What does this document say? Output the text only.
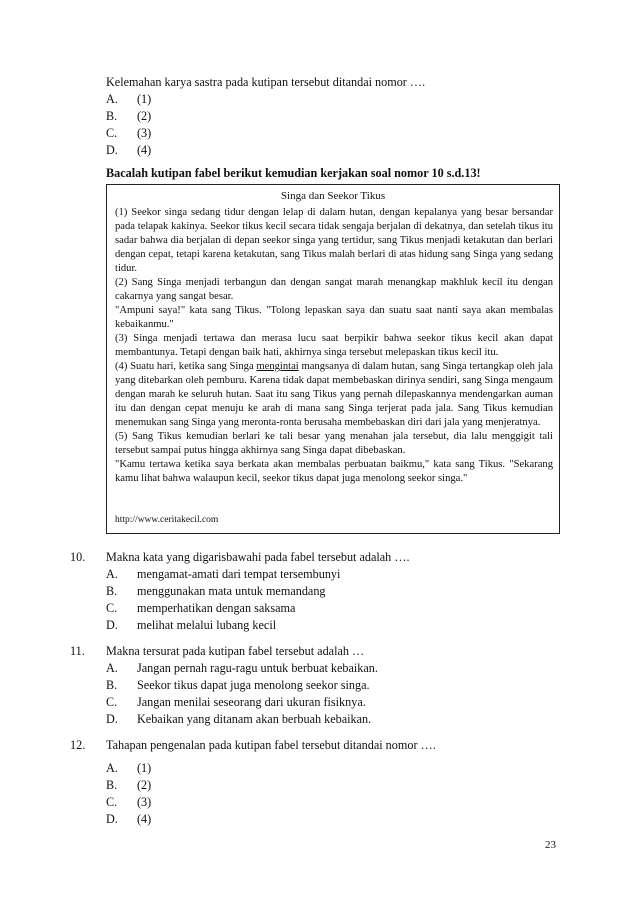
Kelemahan karya sastra pada kutipan tersebut ditandai nomor ….
A. (1)
B. (2)
C. (3)
D. (4)
Bacalah kutipan fabel berikut kemudian kerjakan soal nomor 10 s.d.13!
Singa dan Seekor Tikus

(1) Seekor singa sedang tidur dengan lelap di dalam hutan, dengan kepalanya yang besar bersandar pada telapak kakinya. Seekor tikus kecil secara tidak sengaja berjalan di dekatnya, dan setelah tikus itu sadar bahwa dia berjalan di depan seekor singa yang tertidur, sang Tikus menjadi ketakutan dan berlari dengan cepat, tetapi karena ketakutan, sang Tikus malah berlari di atas hidung sang Singa yang sedang tidur.

(2) Sang Singa menjadi terbangun dan dengan sangat marah menangkap makhluk kecil itu dengan cakarnya yang sangat besar.

"Ampuni saya!" kata sang Tikus. "Tolong lepaskan saya dan suatu saat nanti saya akan membalas kebaikanmu."

(3) Singa menjadi tertawa dan merasa lucu saat berpikir bahwa seekor tikus kecil akan dapat membantunya. Tetapi dengan baik hati, akhirnya singa tersebut melepaskan tikus kecil itu.

(4) Suatu hari, ketika sang Singa mengintai mangsanya di dalam hutan, sang Singa tertangkap oleh jala yang ditebarkan oleh pemburu. Karena tidak dapat membebaskan dirinya sendiri, sang Singa mengaum dengan marah ke seluruh hutan. Saat itu sang Tikus yang pernah dilepaskannya mendengarkan auman itu dan dengan cepat menuju ke arah di mana sang Singa terjerat pada jala. Sang Tikus kemudian menemukan sang Singa yang meronta-ronta berusaha membebaskan diri dari jala yang menjeratnya.

(5) Sang Tikus kemudian berlari ke tali besar yang menahan jala tersebut, dia lalu menggigit tali tersebut sampai putus hingga akhirnya sang Singa dapat dibebaskan.

"Kamu tertawa ketika saya berkata akan membalas perbuatan baikmu," kata sang Tikus. "Sekarang kamu lihat bahwa walaupun kecil, seekor tikus dapat juga menolong seekor singa."

http://www.ceritakecil.com
10. Makna kata yang digarisbawahi pada fabel tersebut adalah ….
A. mengamat-amati dari tempat tersembunyi
B. menggunakan mata untuk memandang
C. memperhatikan dengan saksama
D. melihat melalui lubang kecil
11. Makna tersurat pada kutipan fabel tersebut adalah …
A. Jangan pernah ragu-ragu untuk berbuat kebaikan.
B. Seekor tikus dapat juga menolong seekor singa.
C. Jangan menilai seseorang dari ukuran fisiknya.
D. Kebaikan yang ditanam akan berbuah kebaikan.
12. Tahapan pengenalan pada kutipan fabel tersebut ditandai nomor ….
A. (1)
B. (2)
C. (3)
D. (4)
23
